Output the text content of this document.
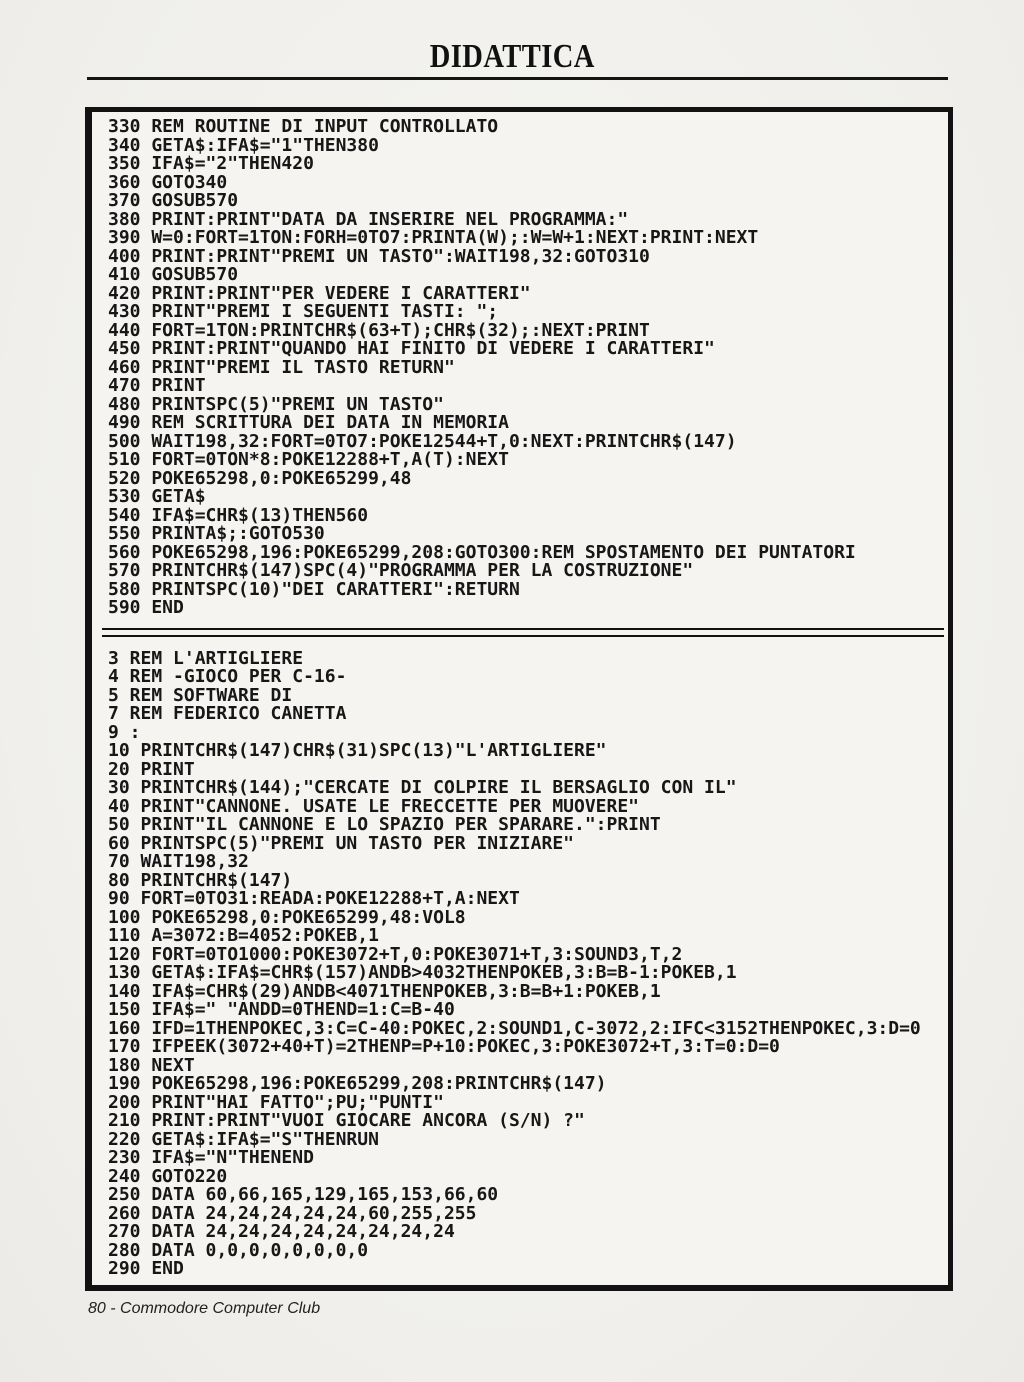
DIDATTICA
330 REM ROUTINE DI INPUT CONTROLLATO
340 GETA$:IFA$="1"THEN380
350 IFA$="2"THEN420
360 GOTO340
370 GOSUB570
380 PRINT:PRINT"DATA DA INSERIRE NEL PROGRAMMA:"
390 W=0:FORT=1TON:FORH=0TO7:PRINTA(W);:W=W+1:NEXT:PRINT:NEXT
400 PRINT:PRINT"PREMI UN TASTO":WAIT198,32:GOTO310
410 GOSUB570
420 PRINT:PRINT"PER VEDERE I CARATTERI"
430 PRINT"PREMI I SEGUENTI TASTI: ";
440 FORT=1TON:PRINTCHR$(63+T);CHR$(32);:NEXT:PRINT
450 PRINT:PRINT"QUANDO HAI FINITO DI VEDERE I CARATTERI"
460 PRINT"PREMI IL TASTO RETURN"
470 PRINT
480 PRINTSPC(5)"PREMI UN TASTO"
490 REM SCRITTURA DEI DATA IN MEMORIA
500 WAIT198,32:FORT=0TO7:POKE12544+T,0:NEXT:PRINTCHR$(147)
510 FORT=0TON*8:POKE12288+T,A(T):NEXT
520 POKE65298,0:POKE65299,48
530 GETA$
540 IFA$=CHR$(13)THEN560
550 PRINTA$;:GOTO530
560 POKE65298,196:POKE65299,208:GOTO300:REM SPOSTAMENTO DEI PUNTATORI
570 PRINTCHR$(147)SPC(4)"PROGRAMMA PER LA COSTRUZIONE"
580 PRINTSPC(10)"DEI CARATTERI":RETURN
590 END
3 REM L'ARTIGLIERE
4 REM -GIOCO PER C-16-
5 REM SOFTWARE DI
7 REM FEDERICO CANETTA
9 :
10 PRINTCHR$(147)CHR$(31)SPC(13)"L'ARTIGLIERE"
20 PRINT
30 PRINTCHR$(144);"CERCATE DI COLPIRE IL BERSAGLIO CON IL"
40 PRINT"CANNONE. USATE LE FRECCETTE PER MUOVERE"
50 PRINT"IL CANNONE E LO SPAZIO PER SPARARE.":PRINT
60 PRINTSPC(5)"PREMI UN TASTO PER INIZIARE"
70 WAIT198,32
80 PRINTCHR$(147)
90 FORT=0TO31:READA:POKE12288+T,A:NEXT
100 POKE65298,0:POKE65299,48:VOL8
110 A=3072:B=4052:POKEB,1
120 FORT=0TO1000:POKE3072+T,0:POKE3071+T,3:SOUND3,T,2
130 GETA$:IFA$=CHR$(157)ANDB>4032THENPOKEB,3:B=B-1:POKEB,1
140 IFA$=CHR$(29)ANDB<4071THENPOKEB,3:B=B+1:POKEB,1
150 IFA$=" "ANDD=0THEND=1:C=B-40
160 IFD=1THENPOKEC,3:C=C-40:POKEC,2:SOUND1,C-3072,2:IFC<3152THENPOKEC,3:D=0
170 IFPEEK(3072+40+T)=2THENP=P+10:POKEC,3:POKE3072+T,3:T=0:D=0
180 NEXT
190 POKE65298,196:POKE65299,208:PRINTCHR$(147)
200 PRINT"HAI FATTO";PU;"PUNTI"
210 PRINT:PRINT"VUOI GIOCARE ANCORA (S/N) ?"
220 GETA$:IFA$="S"THENRUN
230 IFA$="N"THENEND
240 GOTO220
250 DATA 60,66,165,129,165,153,66,60
260 DATA 24,24,24,24,24,60,255,255
270 DATA 24,24,24,24,24,24,24,24
280 DATA 0,0,0,0,0,0,0,0
290 END
80 - Commodore Computer Club
